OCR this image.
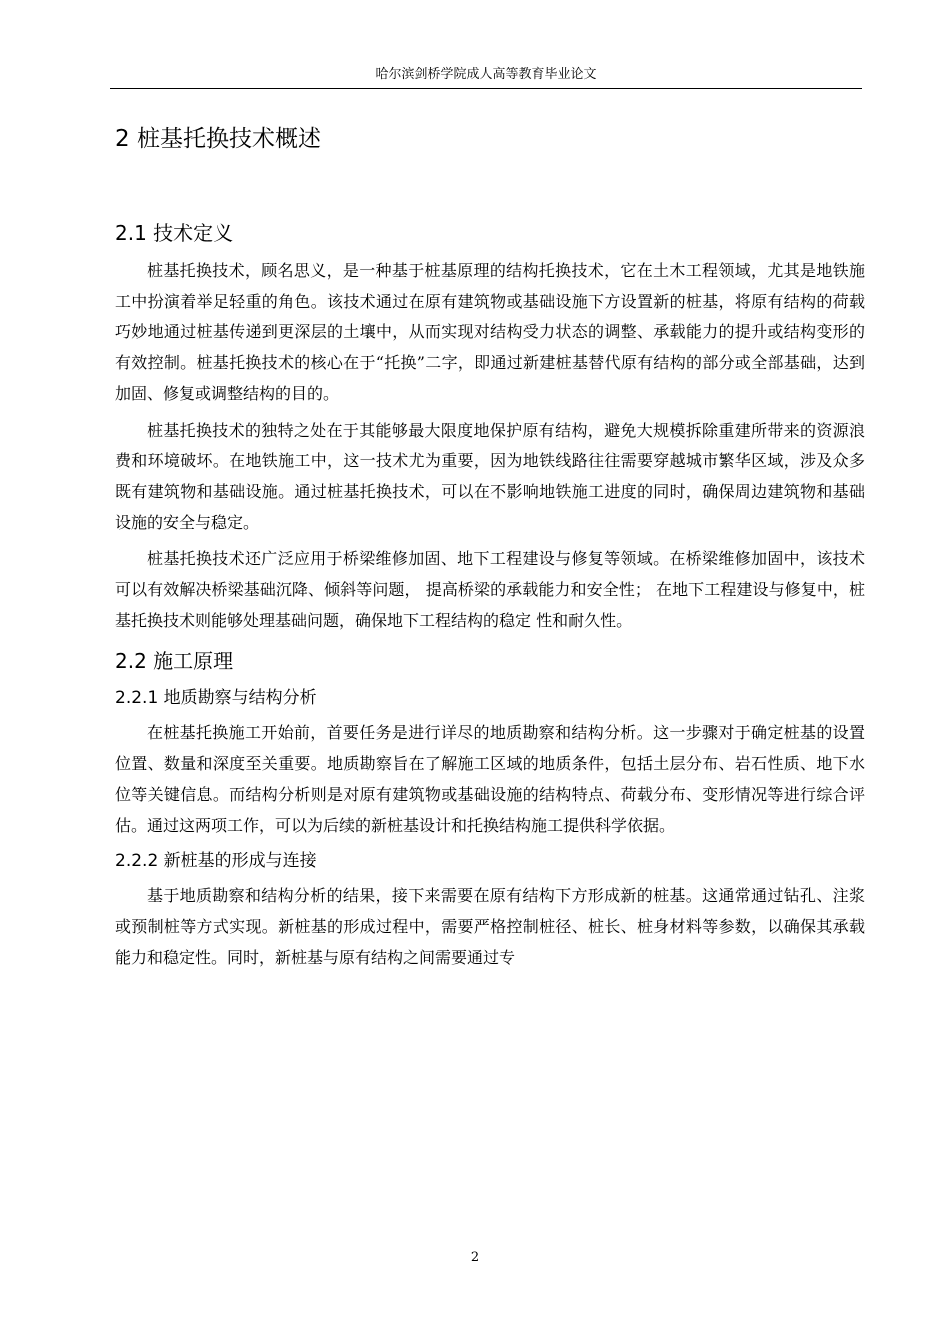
哈尔滨剑桥学院成人高等教育毕业论文
2 桩基托换技术概述
2.1 技术定义

桩基托换技术，顾名思义，是一种基于桩基原理的结构托换技术，它在土木工程领域，尤其是地铁施工中扮演着举足轻重的角色。该技术通过在原有建筑物或基础设施下方设置新的桩基，将原有结构的荷载巧妙地通过桩基传递到更深层的土壤中，从而实现对结构受力状态的调整、承载能力的提升或结构变形的有效控制。桩基托换技术的核心在于“托换”二字，即通过新建桩基替代原有结构的部分或全部基础，达到加固、修复或调整结构的目的。

桩基托换技术的独特之处在于其能够最大限度地保护原有结构，避免大规模拆除重建所带来的资源浪费和环境破坏。在地铁施工中，这一技术尤为重要，因为地铁线路往往需要穿越城市繁华区域，涉及众多既有建筑物和基础设施。通过桩基托换技术，可以在不影响地铁施工进度的同时，确保周边建筑物和基础设施的安全与稳定。

桩基托换技术还广泛应用于桥梁维修加固、地下工程建设与修复等领域。在桥梁维修加固中，该技术可以有效解决桥梁基础沉降、倾斜等问题， 提高桥梁的承载能力和安全性； 在地下工程建设与修复中，桩基托换技术则能够处理基础问题，确保地下工程结构的稳定 性和耐久性。

2.2 施工原理
2.2.1 地质勘察与结构分析

在桩基托换施工开始前，首要任务是进行详尽的地质勘察和结构分析。这一步骤对于确定桩基的设置位置、数量和深度至关重要。地质勘察旨在了解施工区域的地质条件，包括土层分布、岩石性质、地下水位等关键信息。而结构分析则是对原有建筑物或基础设施的结构特点、荷载分布、变形情况等进行综合评估。通过这两项工作，可以为后续的新桩基设计和托换结构施工提供科学依据。

2.2.2 新桩基的形成与连接

基于地质勘察和结构分析的结果，接下来需要在原有结构下方形成新的桩基。这通常通过钻孔、注浆或预制桩等方式实现。新桩基的形成过程中，需要严格控制桩径、桩长、桩身材料等参数，以确保其承载能力和稳定性。同时，新桩基与原有结构之间需要通过专

2
